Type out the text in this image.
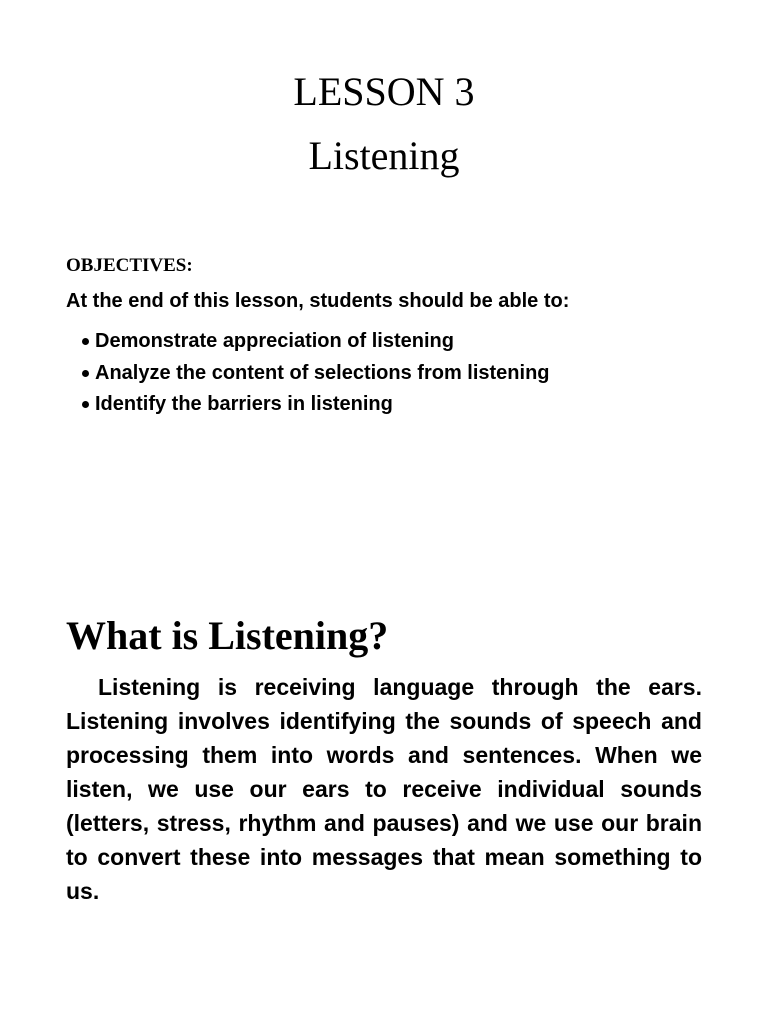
LESSON 3
Listening
OBJECTIVES:
At the end of this lesson, students should be able to:
Demonstrate appreciation of listening
Analyze the content of selections from listening
Identify the barriers in listening
What is Listening?

Listening is receiving language through the ears. Listening involves identifying the sounds of speech and processing them into words and sentences. When we listen, we use our ears to receive individual sounds (letters, stress, rhythm and pauses) and we use our brain to convert these into messages that mean something to us.
